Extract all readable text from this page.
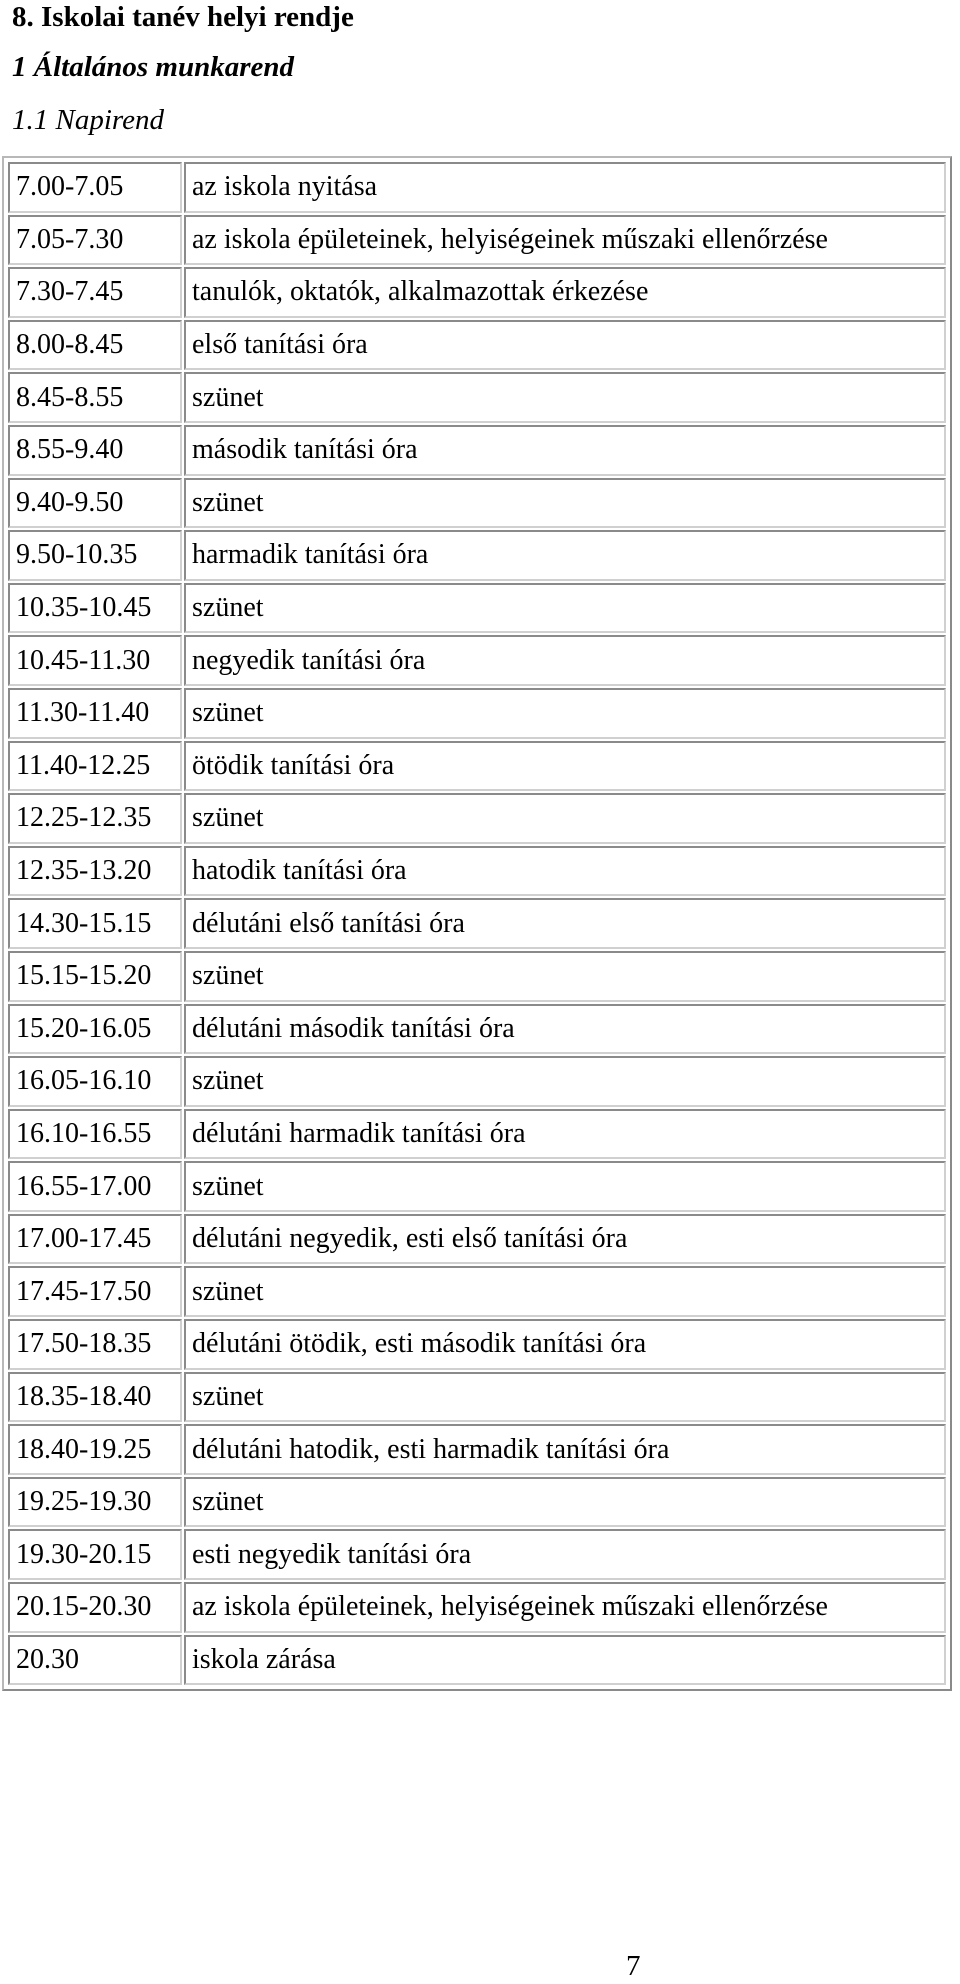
8. Iskolai tanév helyi rendje
1 Általános munkarend
1.1 Napirend
7.00-7.05	az iskola nyitása
7.05-7.30	az iskola épületeinek, helyiségeinek műszaki ellenőrzése
7.30-7.45	tanulók, oktatók, alkalmazottak érkezése
8.00-8.45	első tanítási óra
8.45-8.55	szünet
8.55-9.40	második tanítási óra
9.40-9.50	szünet
9.50-10.35	harmadik tanítási óra
10.35-10.45	szünet
10.45-11.30	negyedik tanítási óra
11.30-11.40	szünet
11.40-12.25	ötödik tanítási óra
12.25-12.35	szünet
12.35-13.20	hatodik tanítási óra
14.30-15.15	délutáni első tanítási óra
15.15-15.20	szünet
15.20-16.05	délutáni második tanítási óra
16.05-16.10	szünet
16.10-16.55	délutáni harmadik tanítási óra
16.55-17.00	szünet
17.00-17.45	délutáni negyedik, esti első tanítási óra
17.45-17.50	szünet
17.50-18.35	délutáni ötödik, esti második tanítási óra
18.35-18.40	szünet
18.40-19.25	délutáni hatodik, esti harmadik tanítási óra
19.25-19.30	szünet
19.30-20.15	esti negyedik tanítási óra
20.15-20.30	az iskola épületeinek, helyiségeinek műszaki ellenőrzése
20.30	iskola zárása
7
